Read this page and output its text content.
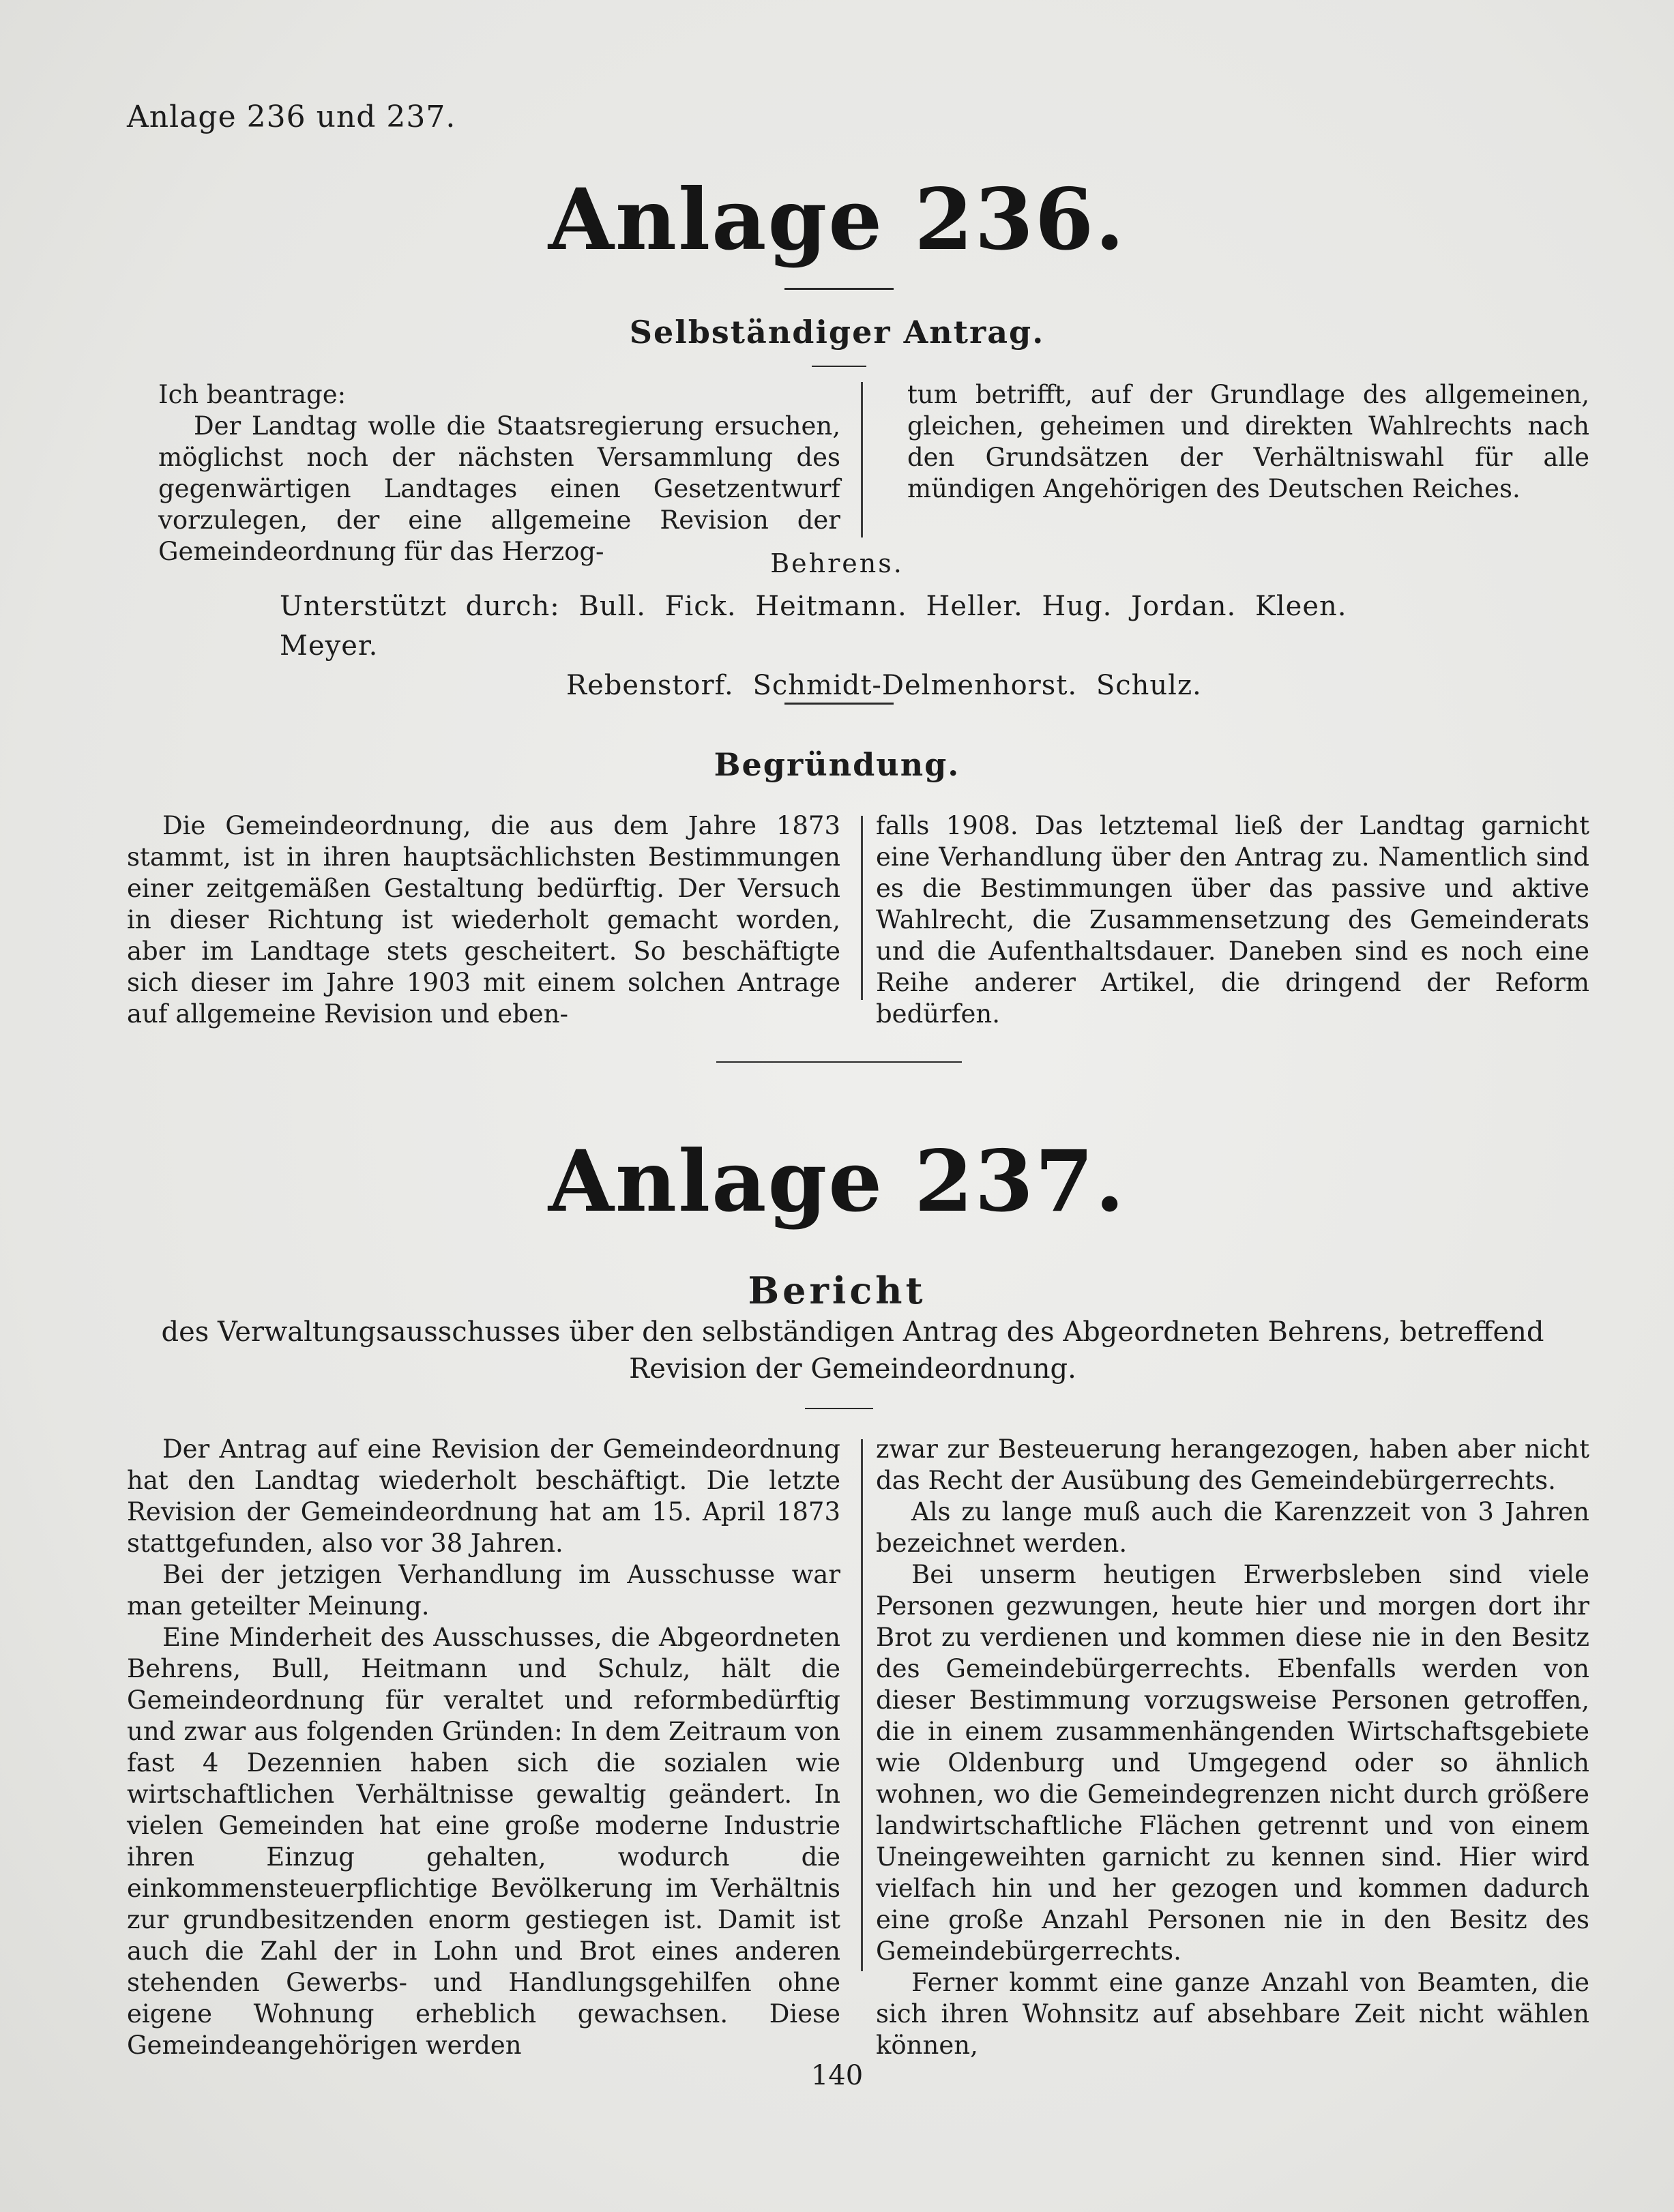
Anlage 236 und 237.
Anlage 236.
Selbständiger Antrag.

Ich beantrage:

Der Landtag wolle die Staatsregierung ersuchen, möglichst noch der nächsten Versammlung des gegenwärtigen Landtages einen Gesetzentwurf vorzulegen, der eine allgemeine Revision der Gemeindeordnung für das Herzog-

tum betrifft, auf der Grundlage des allgemeinen, gleichen, geheimen und direkten Wahlrechts nach den Grundsätzen der Verhältniswahl für alle mündigen Angehörigen des Deutschen Reiches.

Behrens.
Unterstützt durch: Bull. Fick. Heitmann. Heller. Hug. Jordan. Kleen. Meyer.
Rebenstorf. Schmidt-Delmenhorst. Schulz.
Begründung.

Die Gemeindeordnung, die aus dem Jahre 1873 stammt, ist in ihren hauptsächlichsten Bestimmungen einer zeitgemäßen Gestaltung bedürftig. Der Versuch in dieser Richtung ist wiederholt gemacht worden, aber im Landtage stets gescheitert. So beschäftigte sich dieser im Jahre 1903 mit einem solchen Antrage auf allgemeine Revision und eben-

falls 1908. Das letztemal ließ der Landtag garnicht eine Verhandlung über den Antrag zu. Namentlich sind es die Bestimmungen über das passive und aktive Wahlrecht, die Zusammensetzung des Gemeinderats und die Aufenthaltsdauer. Daneben sind es noch eine Reihe anderer Artikel, die dringend der Reform bedürfen.

Anlage 237.
Bericht
des Verwaltungsausschusses über den selbständigen Antrag des Abgeordneten Behrens, betreffend Revision der Gemeindeordnung.

Der Antrag auf eine Revision der Gemeindeordnung hat den Landtag wiederholt beschäftigt. Die letzte Revision der Gemeindeordnung hat am 15. April 1873 stattgefunden, also vor 38 Jahren.

Bei der jetzigen Verhandlung im Ausschusse war man geteilter Meinung.

Eine Minderheit des Ausschusses, die Abgeordneten Behrens, Bull, Heitmann und Schulz, hält die Gemeindeordnung für veraltet und reformbedürftig und zwar aus folgenden Gründen: In dem Zeitraum von fast 4 Dezennien haben sich die sozialen wie wirtschaftlichen Verhältnisse gewaltig geändert. In vielen Gemeinden hat eine große moderne Industrie ihren Einzug gehalten, wodurch die einkommensteuerpflichtige Bevölkerung im Verhältnis zur grundbesitzenden enorm gestiegen ist. Damit ist auch die Zahl der in Lohn und Brot eines anderen stehenden Gewerbs- und Handlungsgehilfen ohne eigene Wohnung erheblich gewachsen. Diese Gemeindeangehörigen werden

zwar zur Besteuerung herangezogen, haben aber nicht das Recht der Ausübung des Gemeindebürgerrechts.

Als zu lange muß auch die Karenzzeit von 3 Jahren bezeichnet werden.

Bei unserm heutigen Erwerbsleben sind viele Personen gezwungen, heute hier und morgen dort ihr Brot zu verdienen und kommen diese nie in den Besitz des Gemeindebürgerrechts. Ebenfalls werden von dieser Bestimmung vorzugsweise Personen getroffen, die in einem zusammenhängenden Wirtschaftsgebiete wie Oldenburg und Umgegend oder so ähnlich wohnen, wo die Gemeindegrenzen nicht durch größere landwirtschaftliche Flächen getrennt und von einem Uneingeweihten garnicht zu kennen sind. Hier wird vielfach hin und her gezogen und kommen dadurch eine große Anzahl Personen nie in den Besitz des Gemeindebürgerrechts.

Ferner kommt eine ganze Anzahl von Beamten, die sich ihren Wohnsitz auf absehbare Zeit nicht wählen können,

140
